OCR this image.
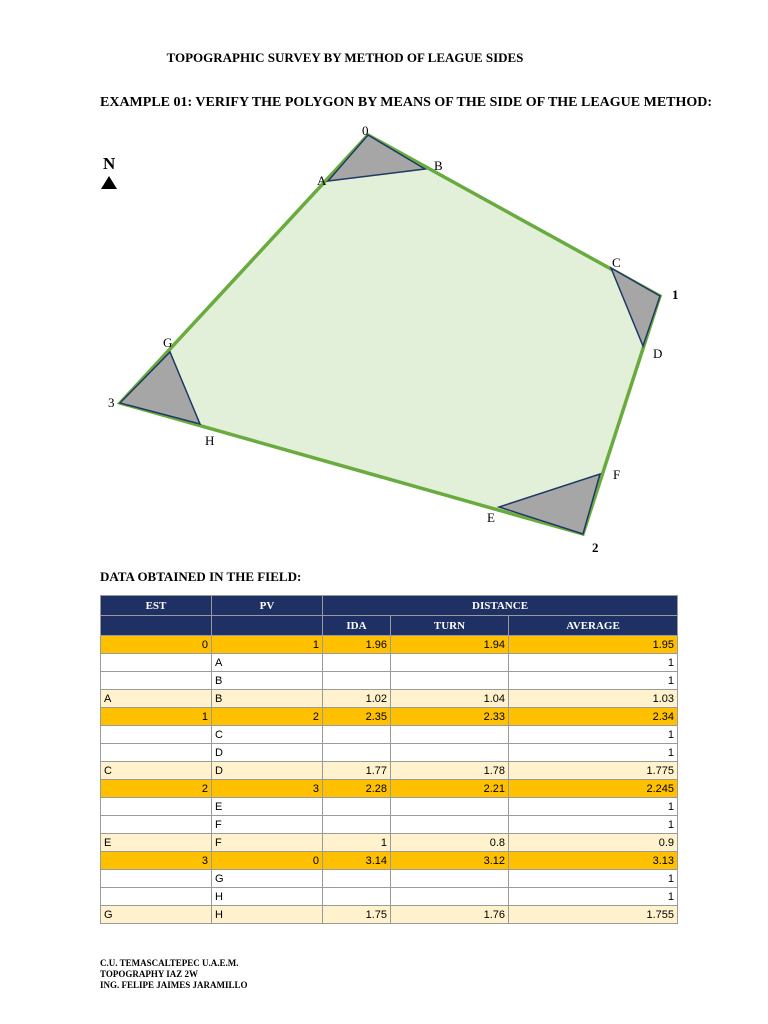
TOPOGRAPHIC SURVEY BY METHOD OF LEAGUE SIDES
EXAMPLE 01: VERIFY THE POLYGON BY MEANS OF THE SIDE OF THE LEAGUE METHOD:
N
0
1
2
3
A
B
C
D
E
F
G
H
DATA OBTAINED IN THE FIELD:
EST	PV	DISTANCE		
		IDA	TURN	AVERAGE
0	1	1.96	1.94	1.95
	A			1
	B			1
A	B	1.02	1.04	1.03
1	2	2.35	2.33	2.34
	C			1
	D			1
C	D	1.77	1.78	1.775
2	3	2.28	2.21	2.245
	E			1
	F			1
E	F	1	0.8	0.9
3	0	3.14	3.12	3.13
	G			1
	H			1
G	H	1.75	1.76	1.755
C.U. TEMASCALTEPEC U.A.E.M.
TOPOGRAPHY IAZ 2W
ING. FELIPE JAIMES JARAMILLO
